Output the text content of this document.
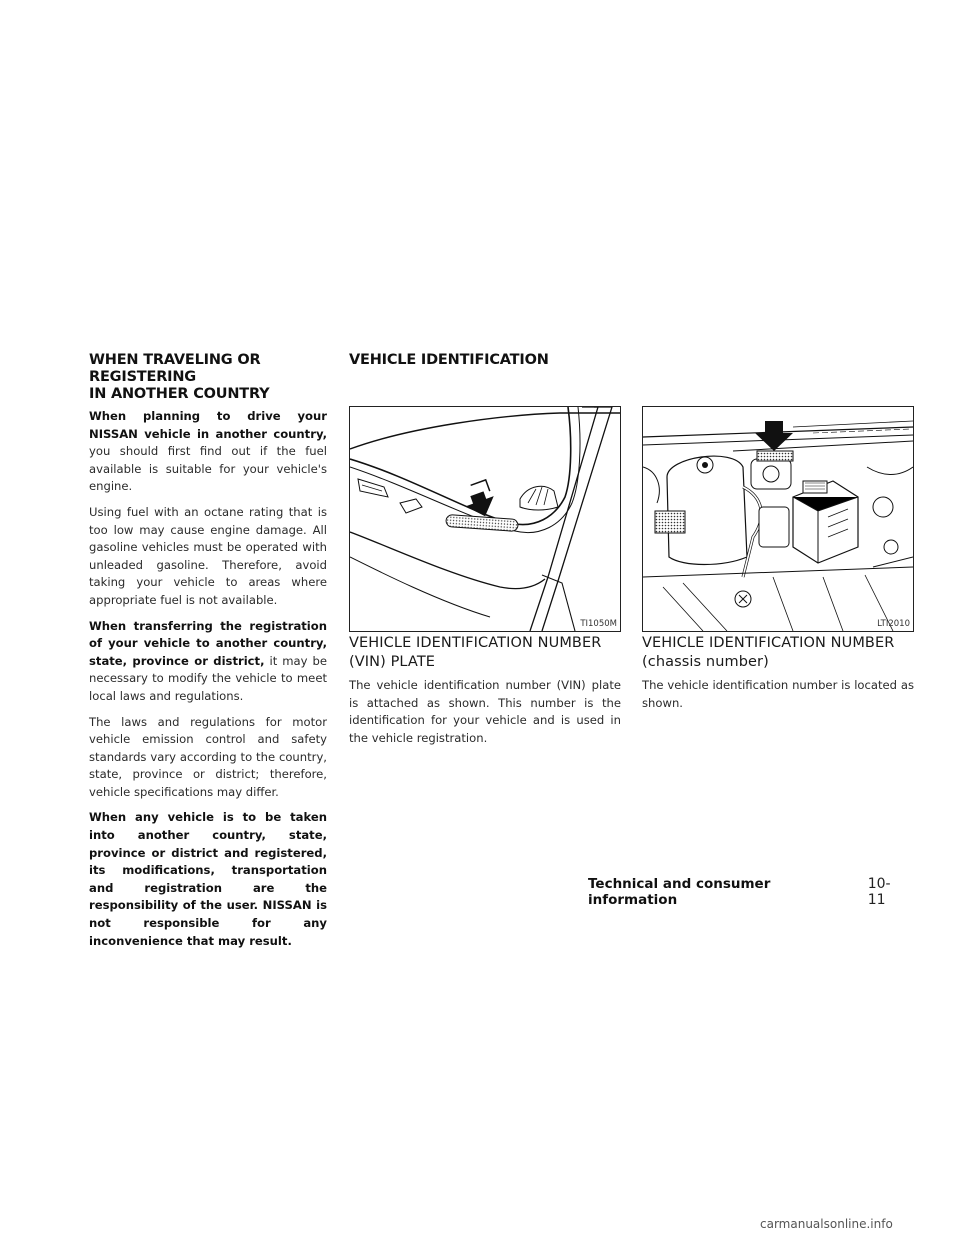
WHEN TRAVELING OR REGISTERING
IN ANOTHER COUNTRY

When planning to drive your NISSAN vehicle in another country, you should first find out if the fuel available is suitable for your vehicle's engine.

Using fuel with an octane rating that is too low may cause engine damage. All gasoline vehicles must be operated with unleaded gasoline. Therefore, avoid taking your vehicle to areas where appropriate fuel is not available.

When transferring the registration of your vehicle to another country, state, province or district, it may be necessary to modify the vehicle to meet local laws and regulations.

The laws and regulations for motor vehicle emission control and safety standards vary according to the country, state, province or district; therefore, vehicle specifications may differ.

When any vehicle is to be taken into another country, state, province or district and registered, its modifications, transportation and registration are the responsibility of the user. NISSAN is not responsible for any inconvenience that may result.

VEHICLE IDENTIFICATION
TI1050M
VEHICLE IDENTIFICATION NUMBER
(VIN) PLATE

The vehicle identification number (VIN) plate is attached as shown. This number is the identification for your vehicle and is used in the vehicle registration.

LTI2010
VEHICLE IDENTIFICATION NUMBER
(chassis number)

The vehicle identification number is located as shown.

Technical and consumer information
10-11
carmanualsonline.info
